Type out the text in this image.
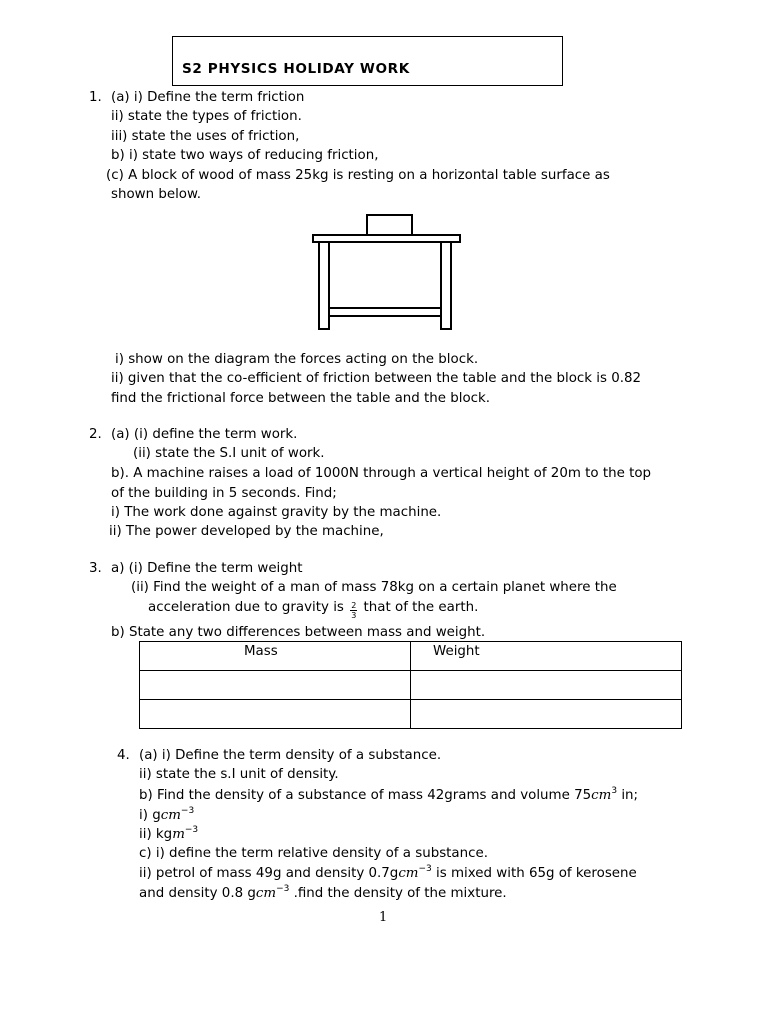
S2 PHYSICS HOLIDAY WORK
1. (a) i) Define the term friction
ii) state the types of friction.
iii) state the uses of friction,
b) i) state two ways of reducing friction,
(c) A block of wood of mass 25kg is resting on a horizontal table surface as
shown below.
i) show on the diagram the forces acting on the block.
ii) given that the co-efficient of friction between the table and the block is 0.82
find the frictional force between the table and the block.
2. (a) (i) define the term work.
(ii) state the S.I unit of work.
b). A machine raises a load of 1000N through a vertical height of 20m to the top
of the building in 5 seconds. Find;
i) The work done against gravity by the machine.
ii) The power developed by the machine,
3. a) (i) Define the term weight
(ii) Find the weight of a man of mass 78kg on a certain planet where the
acceleration due to gravity is $\frac{2}{3}$ that of the earth.
b) State any two differences between mass and weight.
Mass	Weight

4. (a) i) Define the term density of a substance.
ii) state the s.I unit of density.
b) Find the density of a substance of mass 42grams and volume $75cm^3$ in;
i) gcm$^{-3}$
ii) kgm$^{-3}$
c) i) define the term relative density of a substance.
ii) petrol of mass 49g and density 0.7gcm$^{-3}$ is mixed with 65g of kerosene
and density 0.8 gcm$^{-3}$ .find the density of the mixture.
1
